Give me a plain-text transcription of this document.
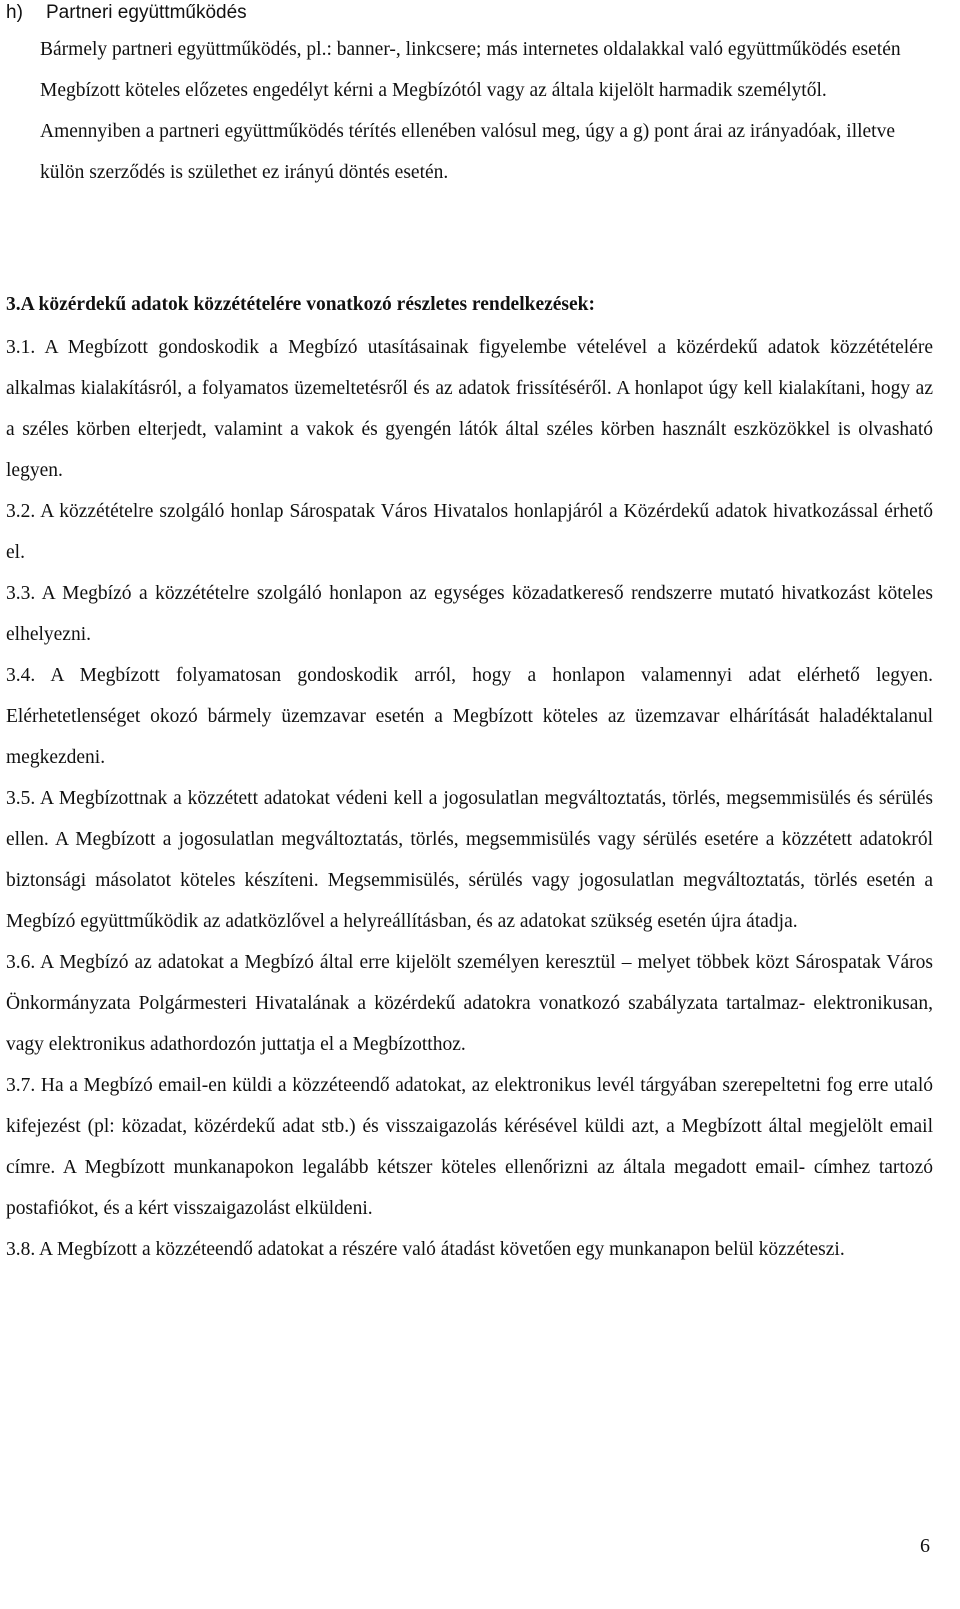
h) Partneri együttműködés

Bármely partneri együttműködés, pl.: banner-, linkcsere; más internetes oldalakkal való együttműködés esetén Megbízott köteles előzetes engedélyt kérni a Megbízótól vagy az általa kijelölt harmadik személytől.

Amennyiben a partneri együttműködés térítés ellenében valósul meg, úgy a g) pont árai az irányadóak, illetve külön szerződés is születhet ez irányú döntés esetén.

3.A közérdekű adatok közzétételére vonatkozó részletes rendelkezések:

3.1. A Megbízott gondoskodik a Megbízó utasításainak figyelembe vételével a közérdekű adatok közzétételére alkalmas kialakításról, a folyamatos üzemeltetésről és az adatok frissítéséről. A honlapot úgy kell kialakítani, hogy az a széles körben elterjedt, valamint a vakok és gyengén látók által széles körben használt eszközökkel is olvasható legyen.

3.2. A közzétételre szolgáló honlap Sárospatak Város Hivatalos honlapjáról a Közérdekű adatok hivatkozással érhető el.

3.3. A Megbízó a közzétételre szolgáló honlapon az egységes közadatkereső rendszerre mutató hivatkozást köteles elhelyezni.

3.4. A Megbízott folyamatosan gondoskodik arról, hogy a honlapon valamennyi adat elérhető legyen. Elérhetetlenséget okozó bármely üzemzavar esetén a Megbízott köteles az üzemzavar elhárítását haladéktalanul megkezdeni.

3.5. A Megbízottnak a közzétett adatokat védeni kell a jogosulatlan megváltoztatás, törlés, megsemmisülés és sérülés ellen. A Megbízott a jogosulatlan megváltoztatás, törlés, megsemmisülés vagy sérülés esetére a közzétett adatokról biztonsági másolatot köteles készíteni. Megsemmisülés, sérülés vagy jogosulatlan megváltoztatás, törlés esetén a Megbízó együttműködik az adatközlővel a helyreállításban, és az adatokat szükség esetén újra átadja.

3.6. A Megbízó az adatokat a Megbízó által erre kijelölt személyen keresztül – melyet többek közt Sárospatak Város Önkormányzata Polgármesteri Hivatalának a közérdekű adatokra vonatkozó szabályzata tartalmaz- elektronikusan, vagy elektronikus adathordozón juttatja el a Megbízotthoz.

3.7. Ha a Megbízó email-en küldi a közzéteendő adatokat, az elektronikus levél tárgyában szerepeltetni fog erre utaló kifejezést (pl: közadat, közérdekű adat stb.) és visszaigazolás kérésével küldi azt, a Megbízott által megjelölt email címre. A Megbízott munkanapokon legalább kétszer köteles ellenőrizni az általa megadott email- címhez tartozó postafiókot, és a kért visszaigazolást elküldeni.

3.8. A Megbízott a közzéteendő adatokat a részére való átadást követően egy munkanapon belül közzéteszi.

6
